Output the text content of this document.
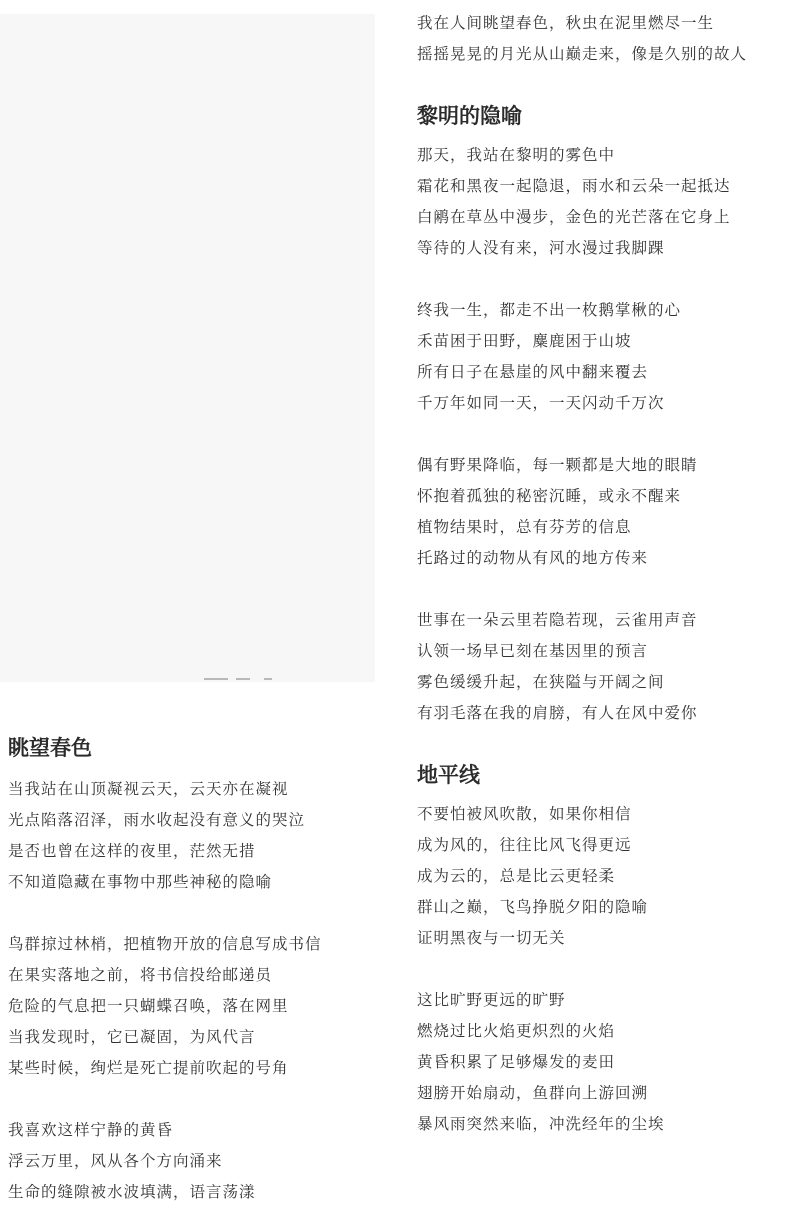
我在人间眺望春色，秋虫在泥里燃尽一生
摇摇晃晃的月光从山巅走来，像是久别的故人
黎明的隐喻
那天，我站在黎明的雾色中
霜花和黑夜一起隐退，雨水和云朵一起抵达
白鹇在草丛中漫步，金色的光芒落在它身上
等待的人没有来，河水漫过我脚踝
终我一生，都走不出一枚鹅掌楸的心
禾苗困于田野，麋鹿困于山坡
所有日子在悬崖的风中翻来覆去
千万年如同一天，一天闪动千万次
偶有野果降临，每一颗都是大地的眼睛
怀抱着孤独的秘密沉睡，或永不醒来
植物结果时，总有芬芳的信息
托路过的动物从有风的地方传来
世事在一朵云里若隐若现，云雀用声音
认领一场早已刻在基因里的预言
雾色缓缓升起，在狭隘与开阔之间
有羽毛落在我的肩膀，有人在风中爱你
地平线
不要怕被风吹散，如果你相信
成为风的，往往比风飞得更远
成为云的，总是比云更轻柔
群山之巅，飞鸟挣脱夕阳的隐喻
证明黑夜与一切无关
这比旷野更远的旷野
燃烧过比火焰更炽烈的火焰
黄昏积累了足够爆发的麦田
翅膀开始扇动，鱼群向上游回溯
暴风雨突然来临，冲洗经年的尘埃
眺望春色
当我站在山顶凝视云天，云天亦在凝视
光点陷落沼泽，雨水收起没有意义的哭泣
是否也曾在这样的夜里，茫然无措
不知道隐藏在事物中那些神秘的隐喻
鸟群掠过林梢，把植物开放的信息写成书信
在果实落地之前，将书信投给邮递员
危险的气息把一只蝴蝶召唤，落在网里
当我发现时，它已凝固，为风代言
某些时候，绚烂是死亡提前吹起的号角
我喜欢这样宁静的黄昏
浮云万里，风从各个方向涌来
生命的缝隙被水波填满，语言荡漾
